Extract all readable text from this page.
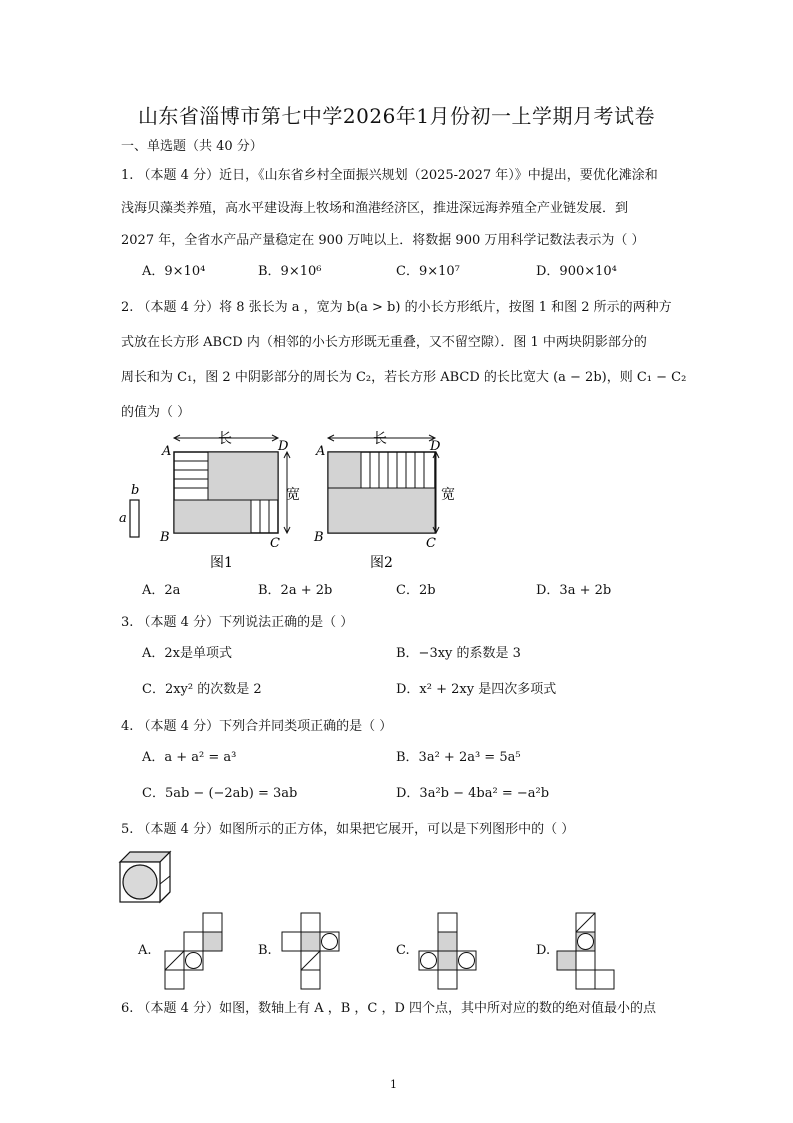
山东省淄博市第七中学2026年1月份初一上学期月考试卷
一、单选题（共 40 分）
1. （本题 4 分）近日，《山东省乡村全面振兴规划（2025-2027 年）》中提出，要优化滩涂和
浅海贝藻类养殖，高水平建设海上牧场和渔港经济区，推进深远海养殖全产业链发展．到
2027 年，全省水产品产量稳定在 900 万吨以上．将数据 900 万用科学记数法表示为（ ）
A．9×10⁴	B．9×10⁶	C．9×10⁷	D．900×10⁴
2. （本题 4 分）将 8 张长为 a ，宽为 b(a > b) 的小长方形纸片，按图 1 和图 2 所示的两种方
式放在长方形 ABCD 内（相邻的小长方形既无重叠，又不留空隙）．图 1 中两块阴影部分的
周长和为 C₁，图 2 中阴影部分的周长为 C₂，若长方形 ABCD 的长比宽大 (a − 2b)，则 C₁ − C₂
的值为（ ）
b
a
长
宽
A	D
B	C
图1
长
宽
A	D
B	C
图2
A．2a	B．2a + 2b	C．2b	D．3a + 2b
3. （本题 4 分）下列说法正确的是（ ）
A．2x是单项式	B．−3xy 的系数是 3
C．2xy² 的次数是 2	D．x² + 2xy 是四次多项式
4. （本题 4 分）下列合并同类项正确的是（ ）
A．a + a² = a³	B．3a² + 2a³ = 5a⁵
C．5ab − (−2ab) = 3ab	D．3a²b − 4ba² = −a²b
5. （本题 4 分）如图所示的正方体，如果把它展开，可以是下列图形中的（ ）
A.	B.	C.	D.
6. （本题 4 分）如图，数轴上有 A ，B ，C ，D 四个点，其中所对应的数的绝对值最小的点
1
